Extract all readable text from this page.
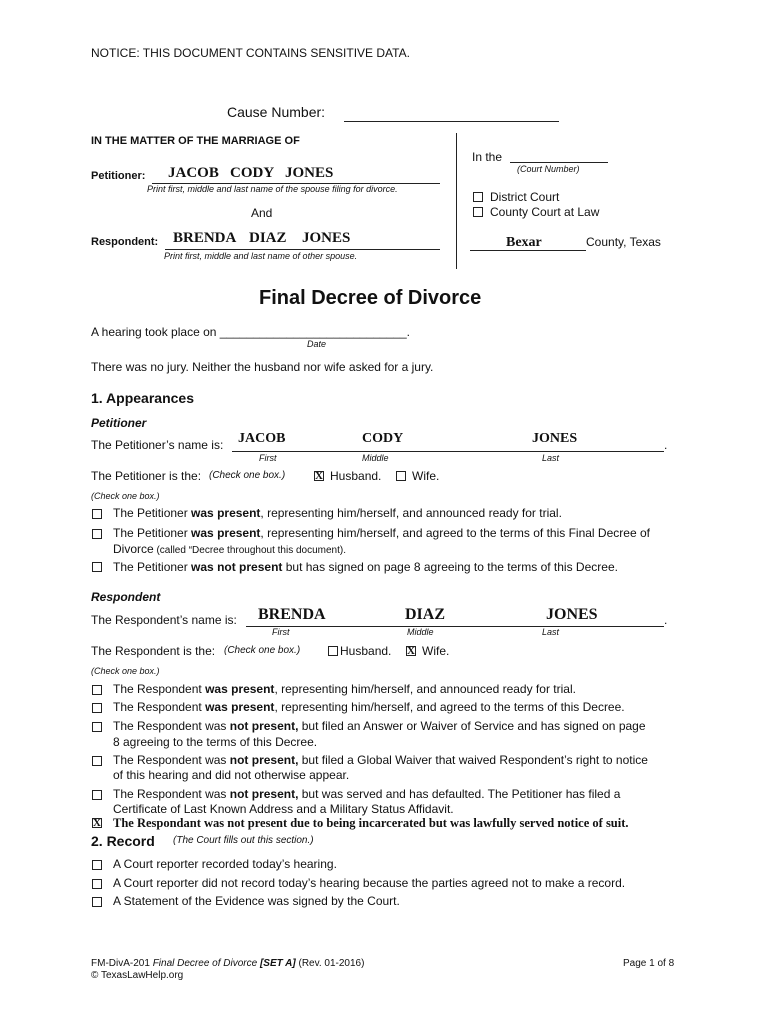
NOTICE: THIS DOCUMENT CONTAINS SENSITIVE DATA.
Cause Number:
IN THE MATTER OF THE MARRIAGE OF
Petitioner: JACOB CODY JONES
Print first, middle and last name of the spouse filing for divorce.
And
Respondent: BRENDA DIAZ JONES
Print first, middle and last name of other spouse.
In the
(Court Number)
District Court
County Court at Law
Bexar	County, Texas
Final Decree of Divorce
A hearing took place on ____________________________.
Date
There was no jury. Neither the husband nor wife asked for a jury.
1. Appearances
Petitioner
The Petitioner’s name is: JACOB	CODY	JONES	.
First	Middle	Last
The Petitioner is the: (Check one box.)	X Husband.	Wife.
(Check one box.)
The Petitioner was present, representing him/herself, and announced ready for trial.
The Petitioner was present, representing him/herself, and agreed to the terms of this Final Decree of
Divorce (called “Decree throughout this document).
The Petitioner was not present but has signed on page 8 agreeing to the terms of this Decree.
Respondent
The Respondent’s name is: BRENDA	DIAZ	JONES	.
First	Middle	Last
The Respondent is the: (Check one box.)	Husband. X Wife.
(Check one box.)
The Respondent was present, representing him/herself, and announced ready for trial.
The Respondent was present, representing him/herself, and agreed to the terms of this Decree.
The Respondent was not present, but filed an Answer or Waiver of Service and has signed on page
8 agreeing to the terms of this Decree.
The Respondent was not present, but filed a Global Waiver that waived Respondent’s right to notice
of this hearing and did not otherwise appear.
The Respondent was not present, but was served and has defaulted. The Petitioner has filed a
Certificate of Last Known Address and a Military Status Affidavit.
X The Respondant was not present due to being incarcerated but was lawfully served notice of suit.
2. Record (The Court fills out this section.)
A Court reporter recorded today’s hearing.
A Court reporter did not record today’s hearing because the parties agreed not to make a record.
A Statement of the Evidence was signed by the Court.
FM-DivA-201 Final Decree of Divorce [SET A] (Rev. 01-2016)
© TexasLawHelp.org
Page 1 of 8
